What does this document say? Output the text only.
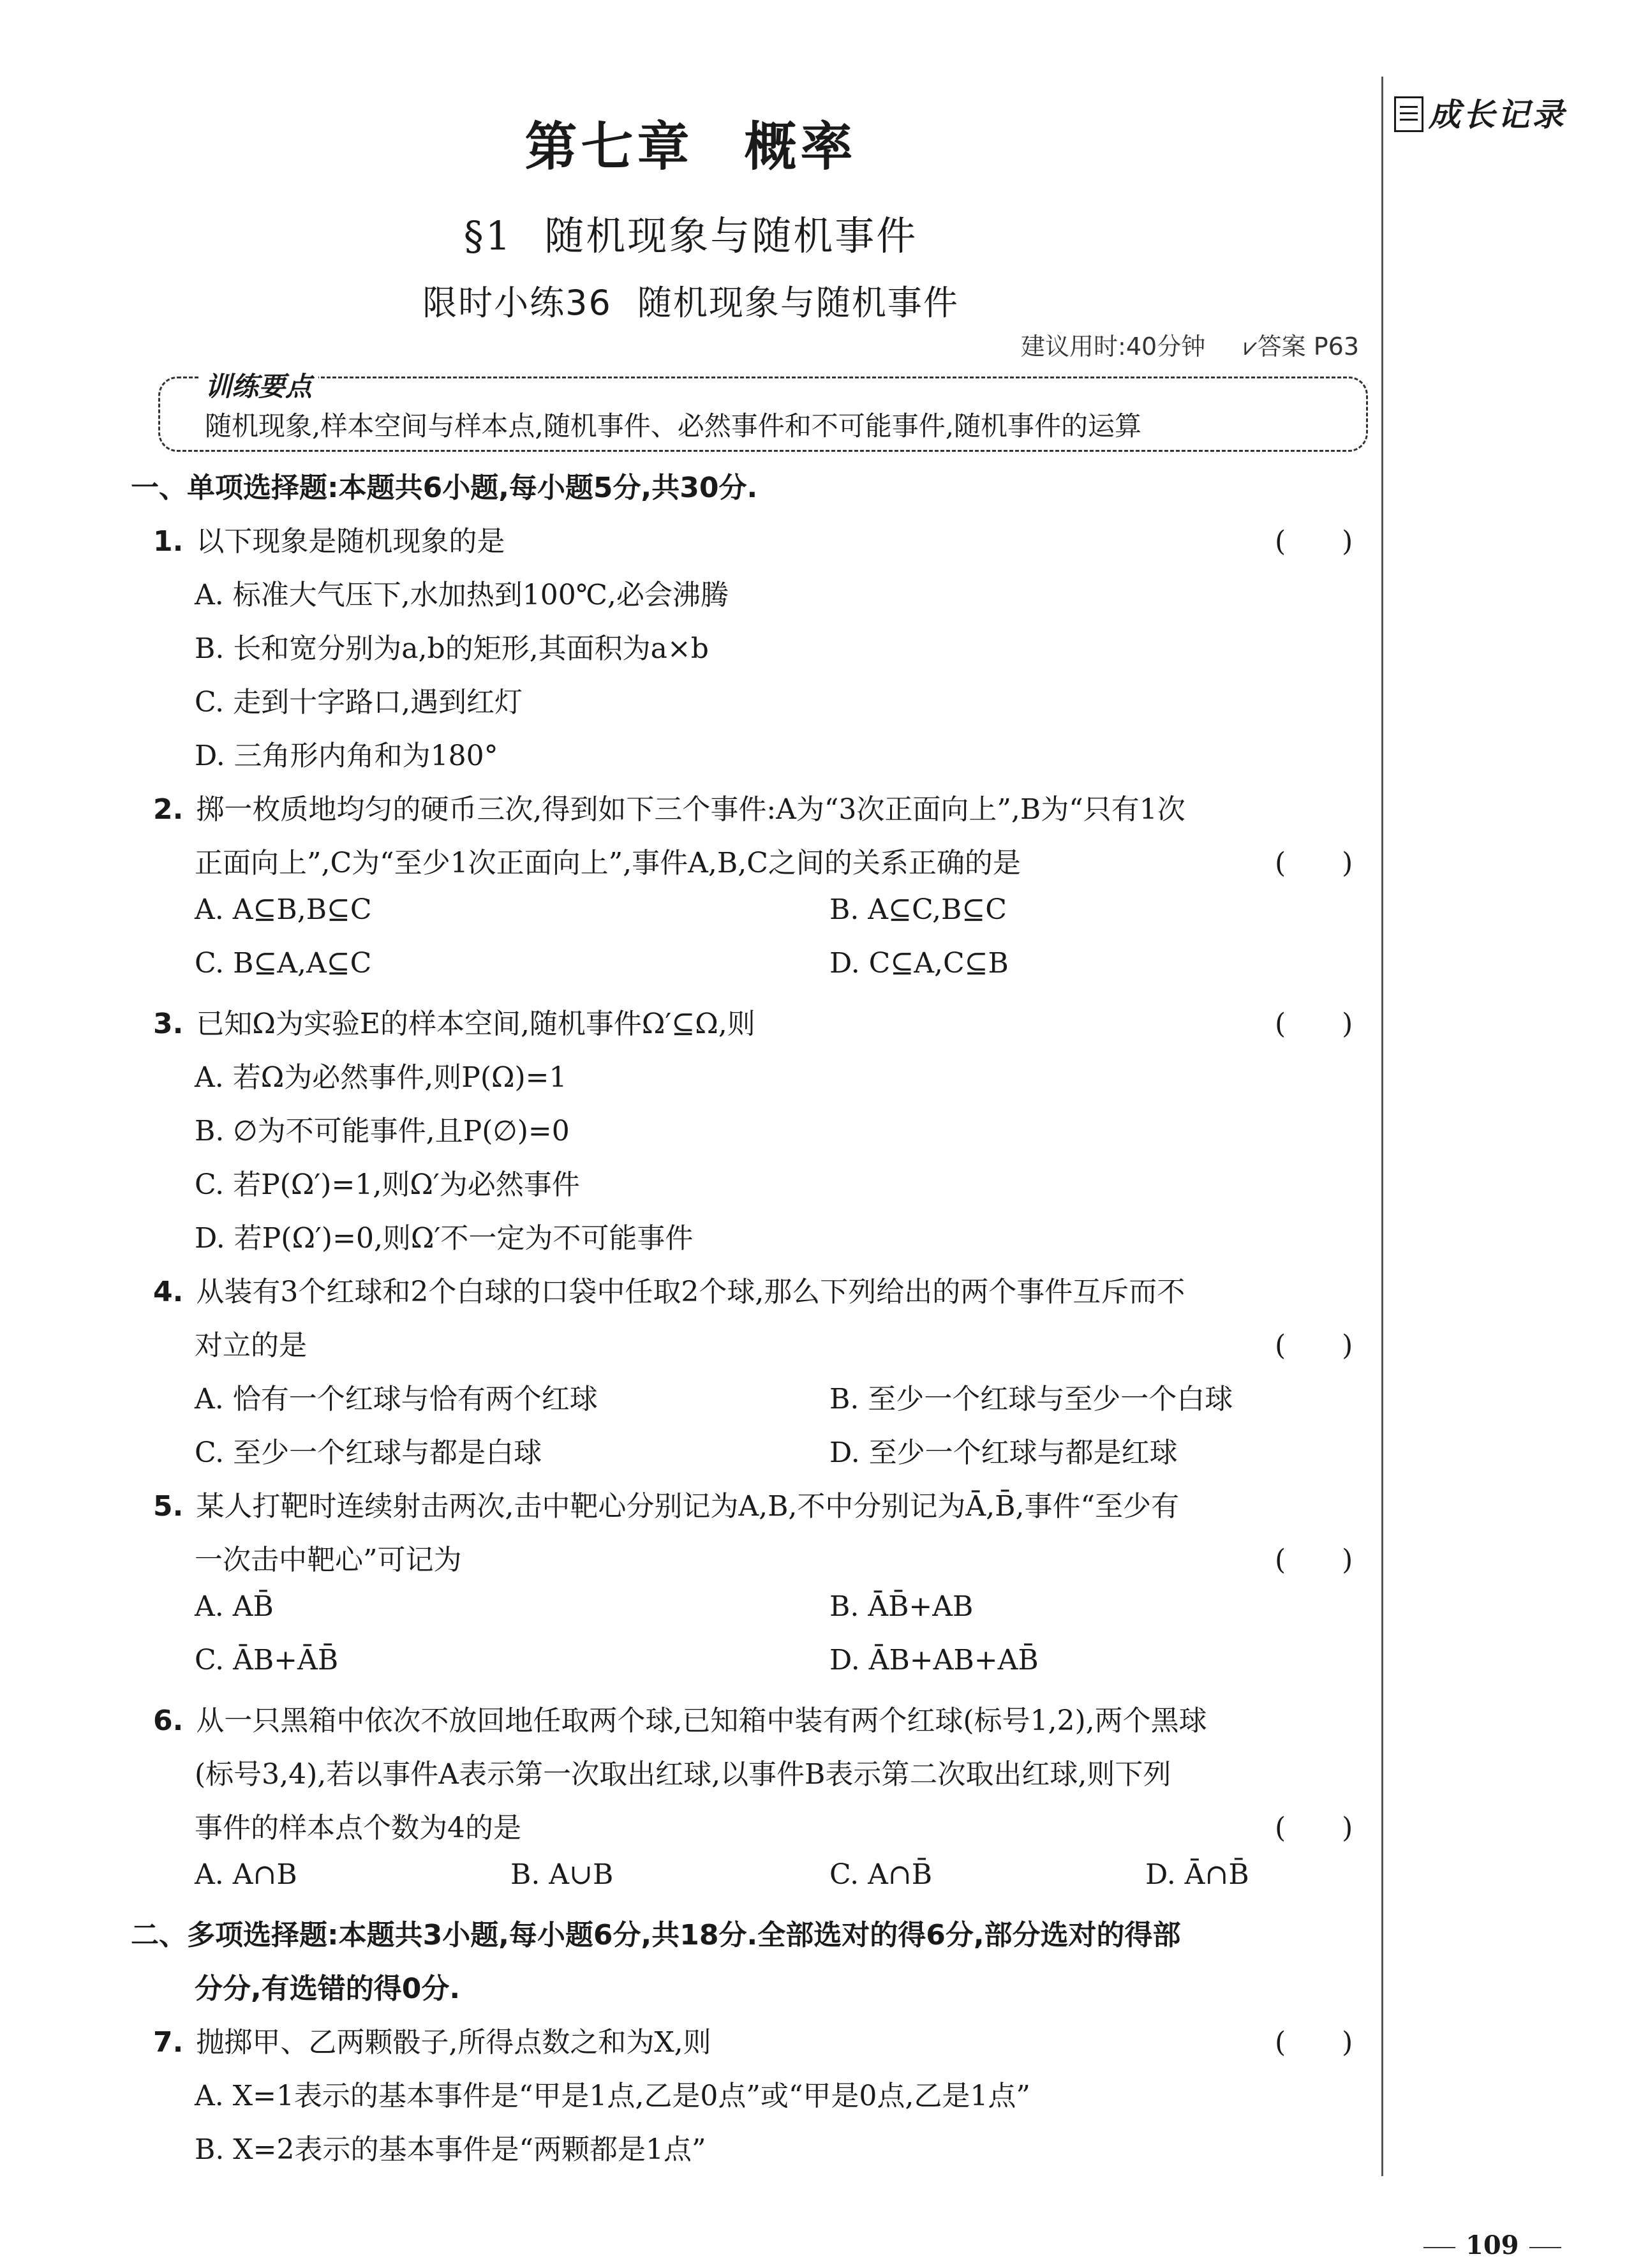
成长记录
第七章 概率
§1 随机现象与随机事件
限时小练36 随机现象与随机事件
建议用时:40分钟 ⩗答案 P63
训练要点
随机现象,样本空间与样本点,随机事件、必然事件和不可能事件,随机事件的运算
一、单项选择题:本题共6小题,每小题5分,共30分.
1. 以下现象是随机现象的是	(　　)
A. 标准大气压下,水加热到100℃,必会沸腾
B. 长和宽分别为a,b的矩形,其面积为a×b
C. 走到十字路口,遇到红灯
D. 三角形内角和为180°
2. 掷一枚质地均匀的硬币三次,得到如下三个事件:A为“3次正面向上”,B为“只有1次
正面向上”,C为“至少1次正面向上”,事件A,B,C之间的关系正确的是	(　　)
A. A⊆B,B⊆C	B. A⊆C,B⊆C
C. B⊆A,A⊆C	D. C⊆A,C⊆B
3. 已知Ω为实验E的样本空间,随机事件Ω′⊆Ω,则	(　　)
A. 若Ω为必然事件,则P(Ω)=1
B. ∅为不可能事件,且P(∅)=0
C. 若P(Ω′)=1,则Ω′为必然事件
D. 若P(Ω′)=0,则Ω′不一定为不可能事件
4. 从装有3个红球和2个白球的口袋中任取2个球,那么下列给出的两个事件互斥而不
对立的是	(　　)
A. 恰有一个红球与恰有两个红球	B. 至少一个红球与至少一个白球
C. 至少一个红球与都是白球	D. 至少一个红球与都是红球
5. 某人打靶时连续射击两次,击中靶心分别记为A,B,不中分别记为Ā,B̄,事件“至少有
一次击中靶心”可记为	(　　)
A. AB̄	B. ĀB̄+AB
C. ĀB+ĀB̄	D. ĀB+AB+AB̄
6. 从一只黑箱中依次不放回地任取两个球,已知箱中装有两个红球(标号1,2),两个黑球
(标号3,4),若以事件A表示第一次取出红球,以事件B表示第二次取出红球,则下列
事件的样本点个数为4的是	(　　)
A. A∩B	B. A∪B	C. A∩B̄	D. Ā∩B̄
二、多项选择题:本题共3小题,每小题6分,共18分.全部选对的得6分,部分选对的得部
分分,有选错的得0分.
7. 抛掷甲、乙两颗骰子,所得点数之和为X,则	(　　)
A. X=1表示的基本事件是“甲是1点,乙是0点”或“甲是0点,乙是1点”
B. X=2表示的基本事件是“两颗都是1点”
109
